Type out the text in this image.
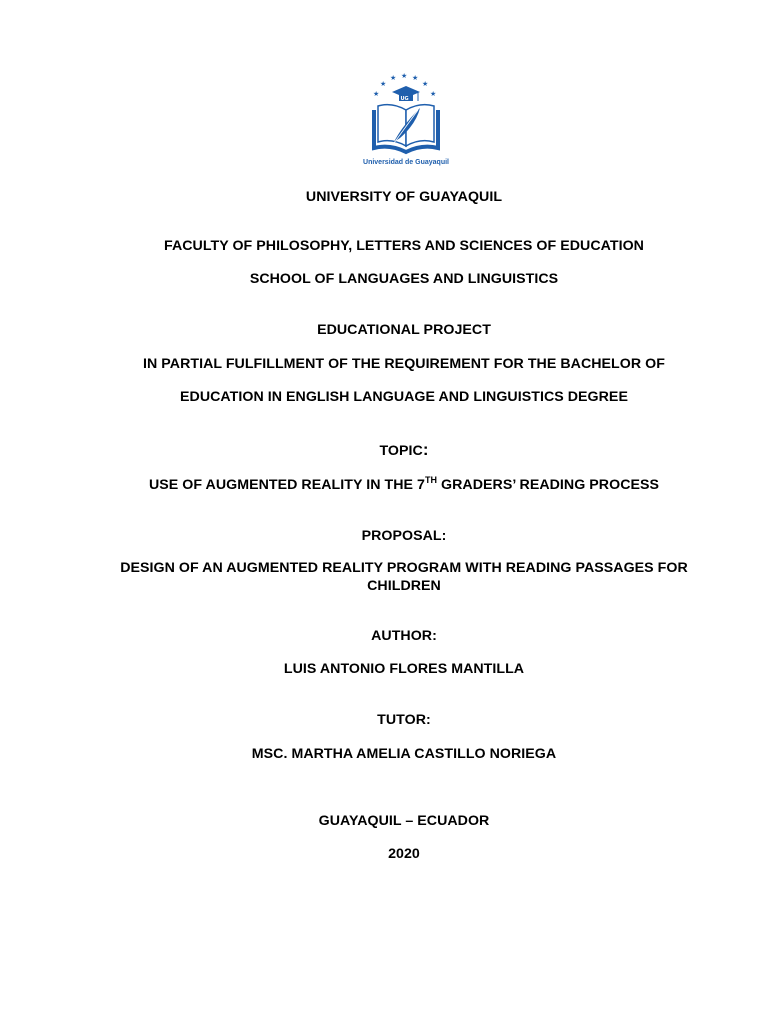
★
★
★ ★ ★
★
★
UG
Universidad de Guayaquil
UNIVERSITY OF GUAYAQUIL
FACULTY OF PHILOSOPHY, LETTERS AND SCIENCES OF EDUCATION
SCHOOL OF LANGUAGES AND LINGUISTICS
EDUCATIONAL PROJECT
IN PARTIAL FULFILLMENT OF THE REQUIREMENT FOR THE BACHELOR OF
EDUCATION IN ENGLISH LANGUAGE AND LINGUISTICS DEGREE
TOPIC:
USE OF AUGMENTED REALITY IN THE 7TH GRADERS’ READING PROCESS
PROPOSAL:
DESIGN OF AN AUGMENTED REALITY PROGRAM WITH READING PASSAGES FOR CHILDREN
AUTHOR:
LUIS ANTONIO FLORES MANTILLA
TUTOR:
MSC. MARTHA AMELIA CASTILLO NORIEGA
GUAYAQUIL – ECUADOR
2020
